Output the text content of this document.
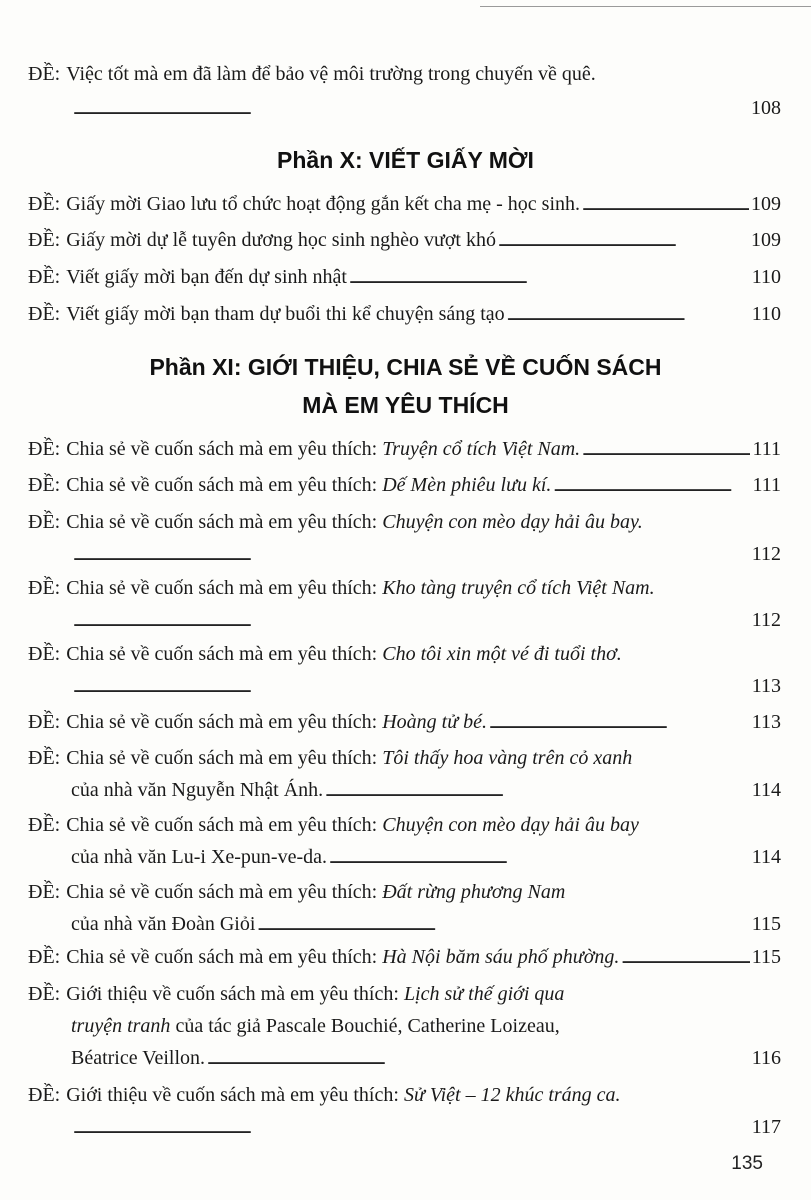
ĐỀ: Việc tốt mà em đã làm để bảo vệ môi trường trong chuyến về quê.
. . .
108
Phần X: VIẾT GIẤY MỜI
ĐỀ: Giấy mời Giao lưu tổ chức hoạt động gắn kết cha mẹ - học sinh. . . .	109
ĐỀ: Giấy mời dự lễ tuyên dương học sinh nghèo vượt khó . . .	109
ĐỀ: Viết giấy mời bạn đến dự sinh nhật . . .	110
ĐỀ: Viết giấy mời bạn tham dự buổi thi kể chuyện sáng tạo . . .	110
Phần XI: GIỚI THIỆU, CHIA SẺ VỀ CUỐN SÁCH
MÀ EM YÊU THÍCH
ĐỀ: Chia sẻ về cuốn sách mà em yêu thích:
Truyện cổ tích Việt Nam. . . .	111
ĐỀ: Chia sẻ về cuốn sách mà em yêu thích:
Dế Mèn phiêu lưu kí. . . .	111
ĐỀ: Chia sẻ về cuốn sách mà em yêu thích: Chuyện con mèo dạy hải âu bay.
. . .
112
ĐỀ: Chia sẻ về cuốn sách mà em yêu thích: Kho tàng truyện cổ tích Việt Nam.
. . .
112
ĐỀ: Chia sẻ về cuốn sách mà em yêu thích: Cho tôi xin một vé đi tuổi thơ.
. . .
113
ĐỀ: Chia sẻ về cuốn sách mà em yêu thích:
Hoàng tử bé. . . .	113
ĐỀ: Chia sẻ về cuốn sách mà em yêu thích: Tôi thấy hoa vàng trên cỏ xanh
của nhà văn Nguyễn Nhật Ánh. . . .	114
ĐỀ: Chia sẻ về cuốn sách mà em yêu thích: Chuyện con mèo dạy hải âu bay
của nhà văn Lu-i Xe-pun-ve-da. . . .	114
ĐỀ: Chia sẻ về cuốn sách mà em yêu thích: Đất rừng phương Nam
của nhà văn Đoàn Giỏi . . .	115
ĐỀ: Chia sẻ về cuốn sách mà em yêu thích:
Hà Nội băm sáu phố phường. . . .	115
ĐỀ: Giới thiệu về cuốn sách mà em yêu thích: Lịch sử thế giới qua
truyện tranh của tác giả Pascale Bouchié, Catherine Loizeau,
Béatrice Veillon. . . .	116
ĐỀ: Giới thiệu về cuốn sách mà em yêu thích: Sử Việt – 12 khúc tráng ca.
. . .
117
135
